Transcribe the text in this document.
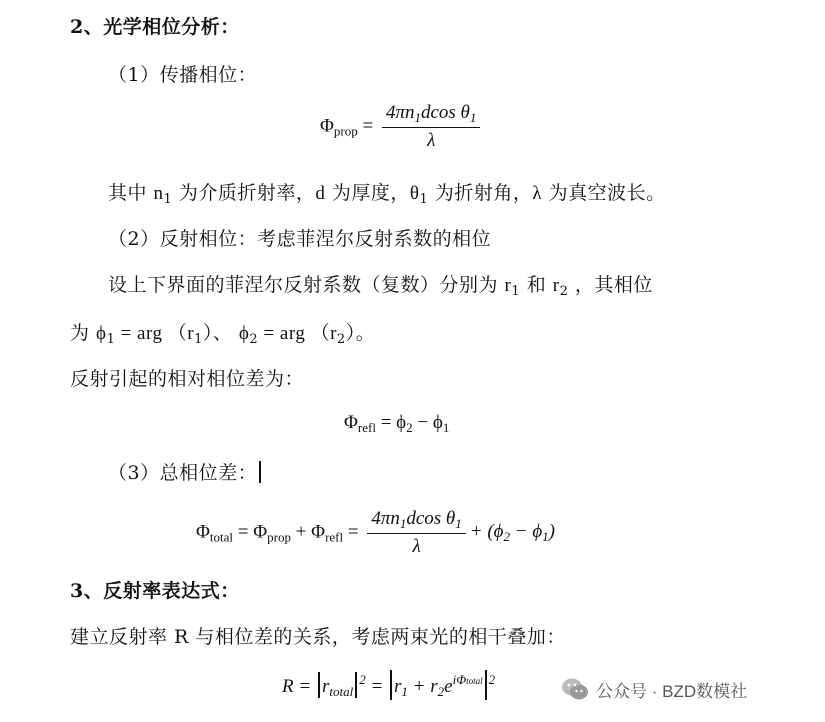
2、光学相位分析：
（1）传播相位：
$\Phi_{prop} = \frac{4\pi n_1dcos \theta_1}{\lambda}$
其中 $n_1$ 为介质折射率，d 为厚度，$\theta_1$ 为折射角，λ 为真空波长。
（2）反射相位：考虑菲涅尔反射系数的相位
设上下界面的菲涅尔反射系数（复数）分别为 $r_1$ 和 $r_2$ ，其相位
为 $\phi_1$ = arg $(r_1)$、 $\phi_2$ = arg $(r_2)$。
反射引起的相对相位差为：
$\Phi_{refl} = \phi_2 - \phi_1$
（3）总相位差：
$\Phi_{total} = \Phi_{prop} + \Phi_{refl} = \frac{4\pi n_1dcos \theta_1}{\lambda} + (\phi_2 - \phi_1)$
3、反射率表达式：
建立反射率 R 与相位差的关系，考虑两束光的相干叠加：
$R = r_{total}^2 = r_1 + r_2e^{i\Phi total}$ $^2$
公众号 · BZD数模社
